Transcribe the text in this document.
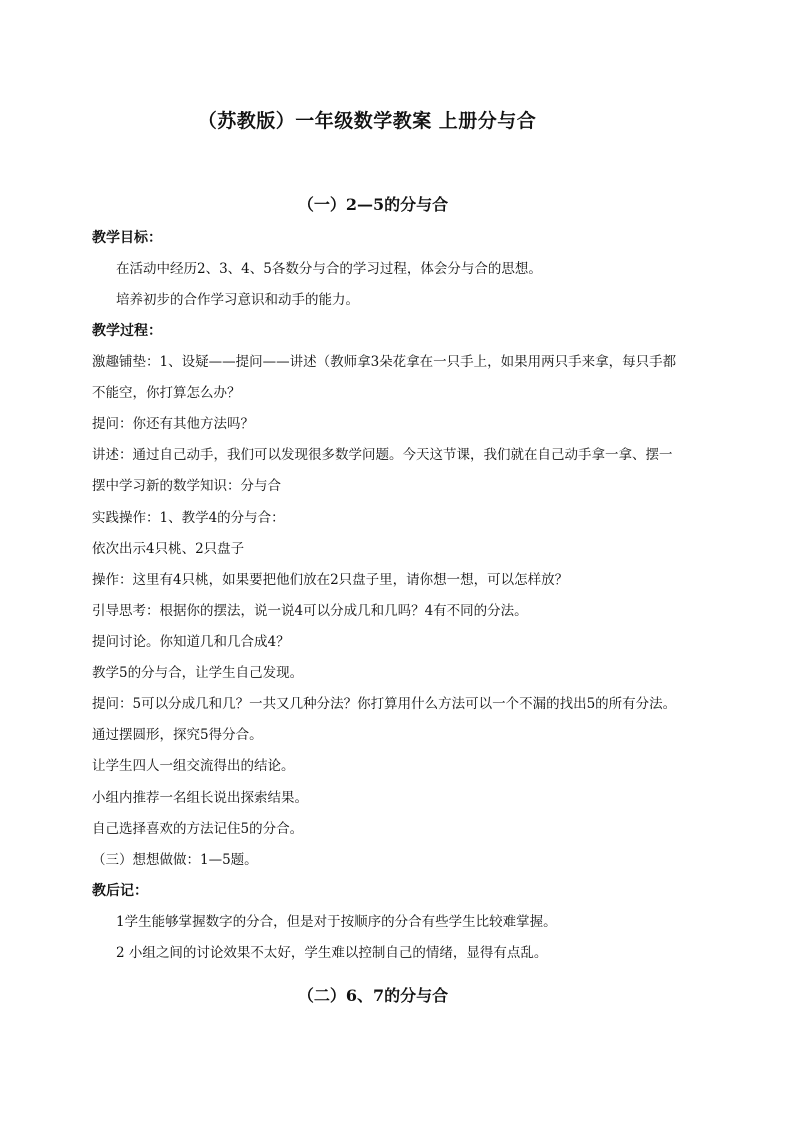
（苏教版）一年级数学教案 上册分与合
（一）2—5的分与合
教学目标：
在活动中经历2、3、4、5各数分与合的学习过程，体会分与合的思想。
培养初步的合作学习意识和动手的能力。
教学过程：
激趣铺垫：1、设疑——提问——讲述（教师拿3朵花拿在一只手上，如果用两只手来拿，每只手都
不能空，你打算怎么办？
提问：你还有其他方法吗？
讲述：通过自己动手，我们可以发现很多数学问题。今天这节课，我们就在自己动手拿一拿、摆一
摆中学习新的数学知识：分与合
实践操作：1、教学4的分与合：
依次出示4只桃、2只盘子
操作：这里有4只桃，如果要把他们放在2只盘子里，请你想一想，可以怎样放？
引导思考：根据你的摆法，说一说4可以分成几和几吗？4有不同的分法。
提问讨论。你知道几和几合成4？
教学5的分与合，让学生自己发现。
提问：5可以分成几和几？一共又几种分法？你打算用什么方法可以一个不漏的找出5的所有分法。
通过摆圆形，探究5得分合。
让学生四人一组交流得出的结论。
小组内推荐一名组长说出探索结果。
自己选择喜欢的方法记住5的分合。
（三）想想做做：1—5题。
教后记：
1学生能够掌握数字的分合，但是对于按顺序的分合有些学生比较难掌握。
2 小组之间的讨论效果不太好，学生难以控制自己的情绪，显得有点乱。
（二）6、7的分与合
